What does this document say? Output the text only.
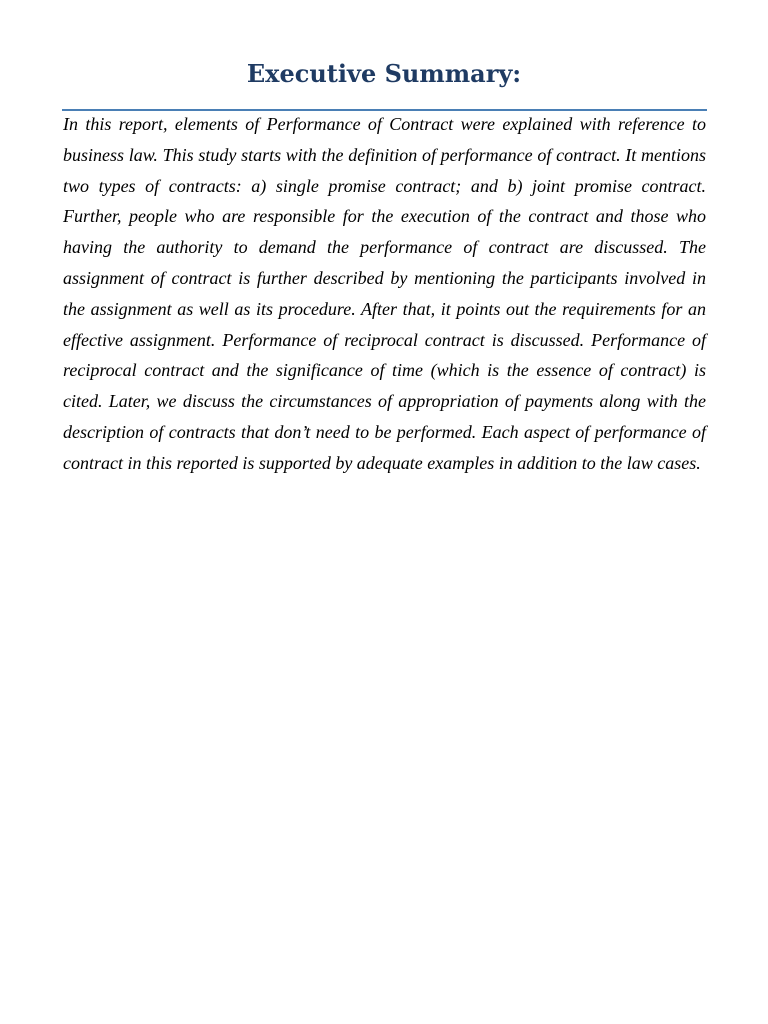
Executive Summary:

In this report, elements of Performance of Contract were explained with reference to business law. This study starts with the definition of performance of contract. It mentions two types of contracts: a) single promise contract; and b) joint promise contract. Further, people who are responsible for the execution of the contract and those who having the authority to demand the performance of contract are discussed. The assignment of contract is further described by mentioning the participants involved in the assignment as well as its procedure. After that, it points out the requirements for an effective assignment. Performance of reciprocal contract is discussed. Performance of reciprocal contract and the significance of time (which is the essence of contract) is cited. Later, we discuss the circumstances of appropriation of payments along with the description of contracts that don’t need to be performed. Each aspect of performance of contract in this reported is supported by adequate examples in addition to the law cases.
